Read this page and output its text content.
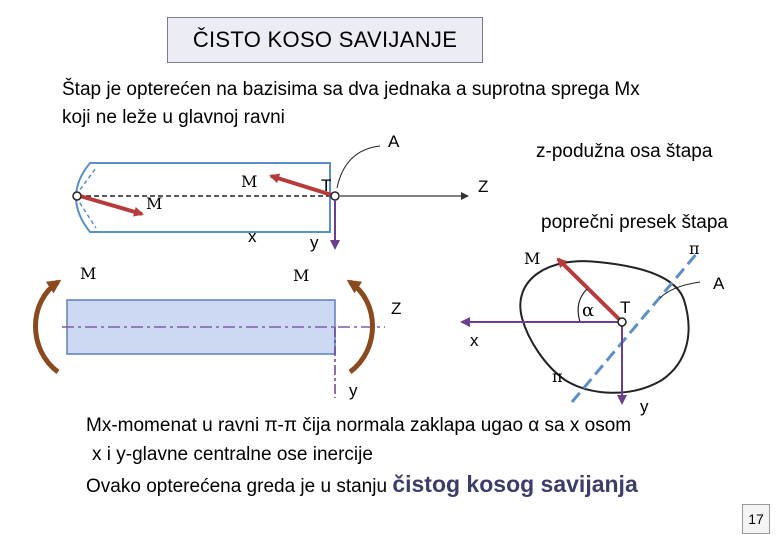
ČISTO KOSO SAVIJANJE
Štap je opterećen na bazisima sa dva jednaka a suprotna sprega Mx
koji ne leže u glavnoj ravni
A	z-podužna osa štapa
Z
T
M
M
x	y
poprečni presek štapa
M	M
M
π
A
Z	α T
x
π
y
y
Mx-momenat u ravni π-π čija normala zaklapa ugao α sa x osom
x i y-glavne centralne ose inercije
Ovako opterećena greda je u stanju čistog kosog savijanja
17
